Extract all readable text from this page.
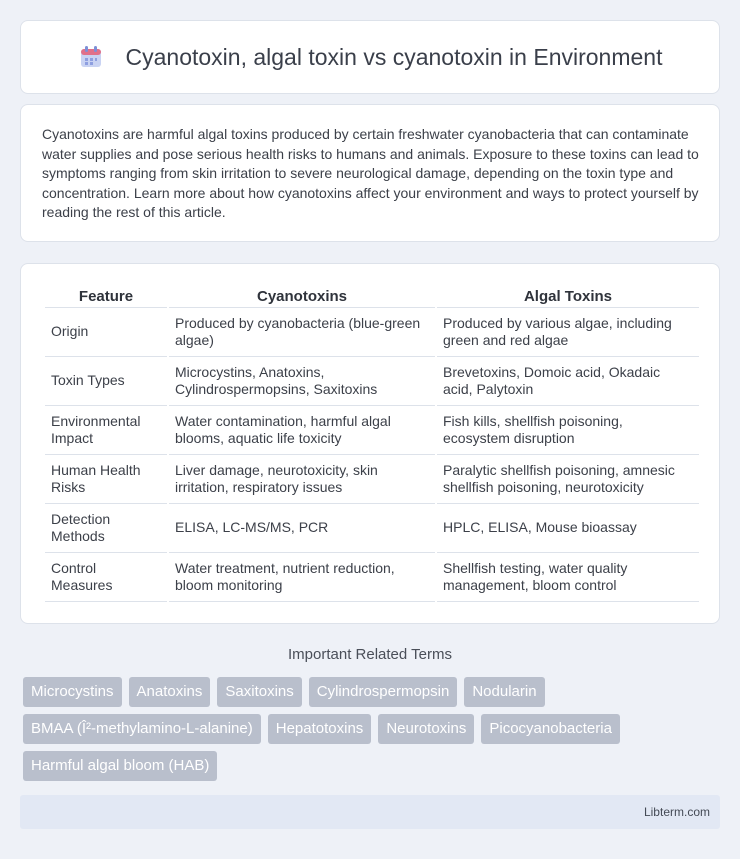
Cyanotoxin, algal toxin vs cyanotoxin in Environment

Cyanotoxins are harmful algal toxins produced by certain freshwater cyanobacteria that can contaminate water supplies and pose serious health risks to humans and animals. Exposure to these toxins can lead to symptoms ranging from skin irritation to severe neurological damage, depending on the toxin type and concentration. Learn more about how cyanotoxins affect your environment and ways to protect yourself by reading the rest of this article.

Feature	Cyanotoxins	Algal Toxins
Origin	Produced by cyanobacteria (blue-green algae)	Produced by various algae, including green and red algae
Toxin Types	Microcystins, Anatoxins, Cylindrospermopsins, Saxitoxins	Brevetoxins, Domoic acid, Okadaic acid, Palytoxin
Environmental Impact	Water contamination, harmful algal blooms, aquatic life toxicity	Fish kills, shellfish poisoning, ecosystem disruption
Human Health Risks	Liver damage, neurotoxicity, skin irritation, respiratory issues	Paralytic shellfish poisoning, amnesic shellfish poisoning, neurotoxicity
Detection Methods	ELISA, LC-MS/MS, PCR	HPLC, ELISA, Mouse bioassay
Control Measures	Water treatment, nutrient reduction, bloom monitoring	Shellfish testing, water quality management, bloom control
Important Related Terms
Microcystins	Anatoxins	Saxitoxins	Cylindrospermopsin	Nodularin
BMAA (Î²-methylamino-L-alanine)	Hepatotoxins	Neurotoxins	Picocyanobacteria
Harmful algal bloom (HAB)
Libterm.com
